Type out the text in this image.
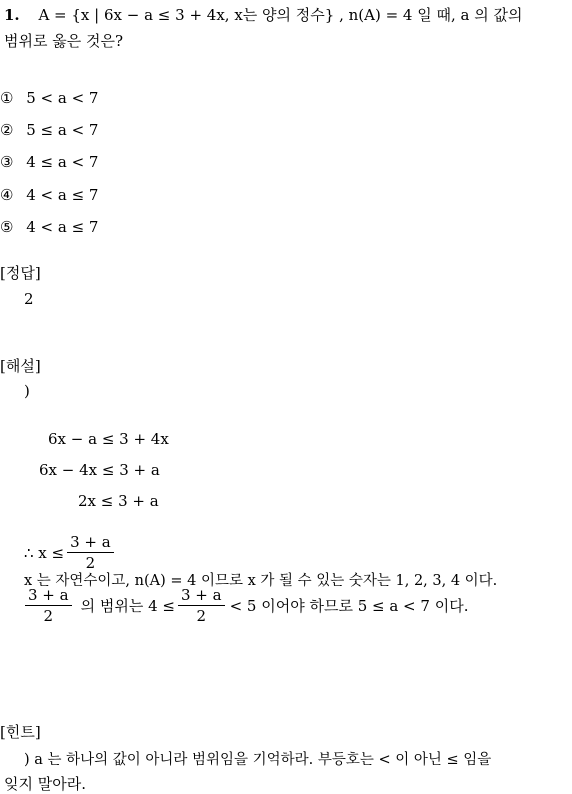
1. A = {x | 6x − a ≤ 3 + 4x, x는 양의 정수} , n(A) = 4 일 때, a 의 값의
범위로 옳은 것은?
① 5 < a < 7
② 5 ≤ a < 7
③ 4 ≤ a < 7
④ 4 < a ≤ 7
⑤ 4 < a ≤ 7
[정답]
2
[해설]
)
6x − a ≤ 3 + 4x
6x − 4x ≤ 3 + a
2x ≤ 3 + a
∴ $x \le \frac{3 + a}{2}$
x 는 자연수이고, n(A) = 4 이므로 x 가 될 수 있는 숫자는 1, 2, 3, 4 이다.
$\frac{3 + a}{2}$ 의 범위는 $4 \le \frac{3 + a}{2} < 5$ 이어야 하므로 5 ≤ a < 7 이다.
[힌트]
) a 는 하나의 값이 아니라 범위임을 기억하라. 부등호는 < 이 아닌 ≤ 임을
잊지 말아라.
